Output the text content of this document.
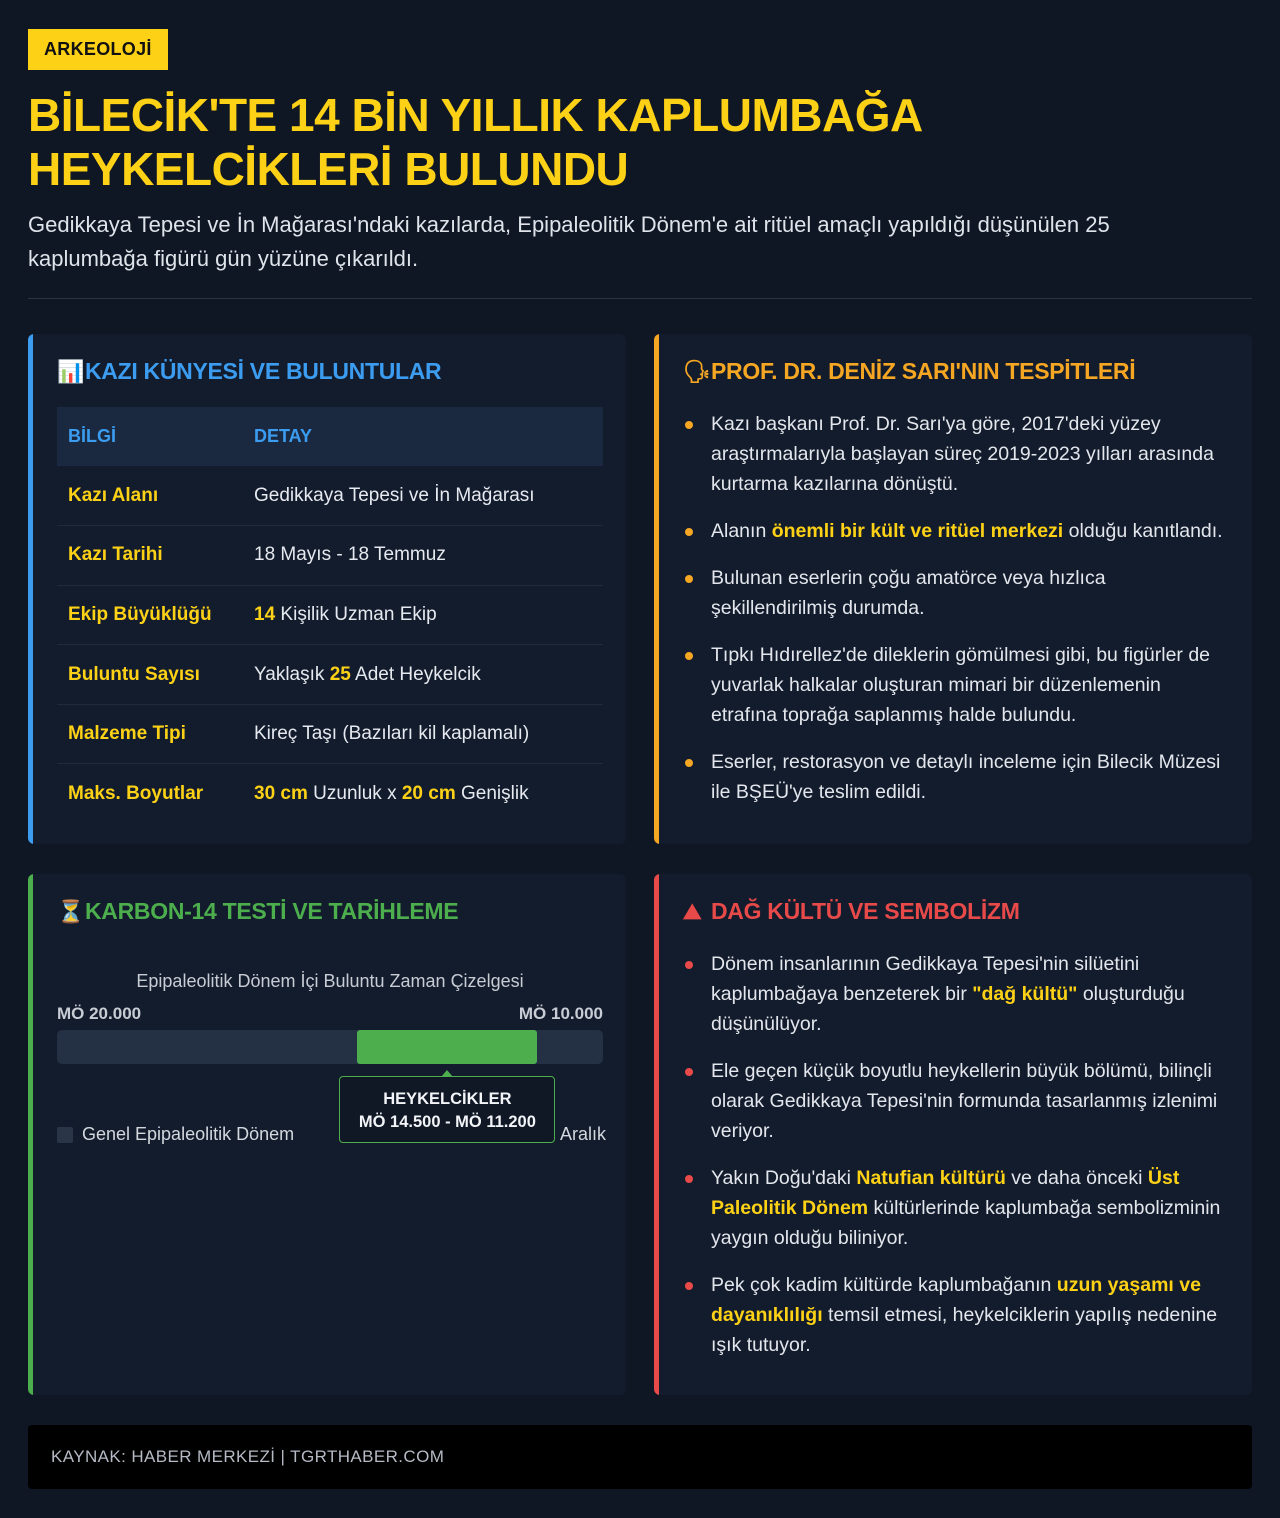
ARKEOLOJİ
BİLECİK'TE 14 BİN YILLIK KAPLUMBAĞA HEYKELCİKLERİ BULUNDU

Gedikkaya Tepesi ve İn Mağarası'ndaki kazılarda, Epipaleolitik Dönem'e ait ritüel amaçlı yapıldığı düşünülen 25 kaplumbağa figürü gün yüzüne çıkarıldı.

📊 KAZI KÜNYESİ VE BULUNTULAR
BİLGİ	DETAY
Kazı Alanı	Gedikkaya Tepesi ve İn Mağarası
Kazı Tarihi	18 Mayıs - 18 Temmuz
Ekip Büyüklüğü	14 Kişilik Uzman Ekip
Buluntu Sayısı	Yaklaşık 25 Adet Heykelcik
Malzeme Tipi	Kireç Taşı (Bazıları kil kaplamalı)
Maks. Boyutlar	30 cm Uzunluk x 20 cm Genişlik
🗣 PROF. DR. DENİZ SARI'NIN TESPİTLERİ
Kazı başkanı Prof. Dr. Sarı'ya göre, 2017'deki yüzey araştırmalarıyla başlayan süreç 2019-2023 yılları arasında kurtarma kazılarına dönüştü.
Alanın önemli bir kült ve ritüel merkezi olduğu kanıtlandı.
Bulunan eserlerin çoğu amatörce veya hızlıca şekillendirilmiş durumda.
Tıpkı Hıdırellez'de dileklerin gömülmesi gibi, bu figürler de yuvarlak halkalar oluşturan mimari bir düzenlemenin etrafına toprağa saplanmış halde bulundu.
Eserler, restorasyon ve detaylı inceleme için Bilecik Müzesi ile BŞEÜ'ye teslim edildi.
⏳ KARBON-14 TESTİ VE TARİHLEME
Epipaleolitik Dönem İçi Buluntu Zaman Çizelgesi
MÖ 20.000	MÖ 10.000
Genel Epipaleolitik Dönem	Aralık
HEYKELCİKLER
MÖ 14.500 - MÖ 11.200
⛰ DAĞ KÜLTÜ VE SEMBOLİZM
Dönem insanlarının Gedikkaya Tepesi'nin silüetini kaplumbağaya benzeterek bir "dağ kültü" oluşturduğu düşünülüyor.
Ele geçen küçük boyutlu heykellerin büyük bölümü, bilinçli olarak Gedikkaya Tepesi'nin formunda tasarlanmış izlenimi veriyor.
Yakın Doğu'daki Natufian kültürü ve daha önceki Üst Paleolitik Dönem kültürlerinde kaplumbağa sembolizminin yaygın olduğu biliniyor.
Pek çok kadim kültürde kaplumbağanın uzun yaşamı ve dayanıklılığı temsil etmesi, heykelciklerin yapılış nedenine ışık tutuyor.
KAYNAK: HABER MERKEZİ | TGRTHABER.COM
